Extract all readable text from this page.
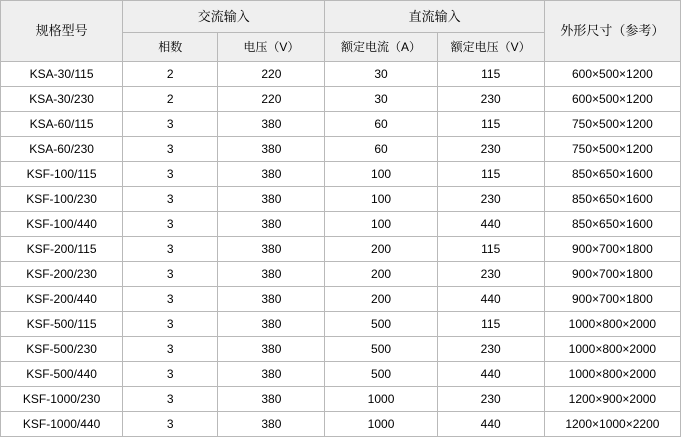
规格型号	交流输入		直流输入		外形尺寸（参考）
	相数	电压（V）	额定电流（A）	额定电压（V）	
KSA-30/115	2	220	30	115	600×500×1200
KSA-30/230	2	220	30	230	600×500×1200
KSA-60/115	3	380	60	115	750×500×1200
KSA-60/230	3	380	60	230	750×500×1200
KSF-100/115	3	380	100	115	850×650×1600
KSF-100/230	3	380	100	230	850×650×1600
KSF-100/440	3	380	100	440	850×650×1600
KSF-200/115	3	380	200	115	900×700×1800
KSF-200/230	3	380	200	230	900×700×1800
KSF-200/440	3	380	200	440	900×700×1800
KSF-500/115	3	380	500	115	1000×800×2000
KSF-500/230	3	380	500	230	1000×800×2000
KSF-500/440	3	380	500	440	1000×800×2000
KSF-1000/230	3	380	1000	230	1200×900×2000
KSF-1000/440	3	380	1000	440	1200×1000×2200
